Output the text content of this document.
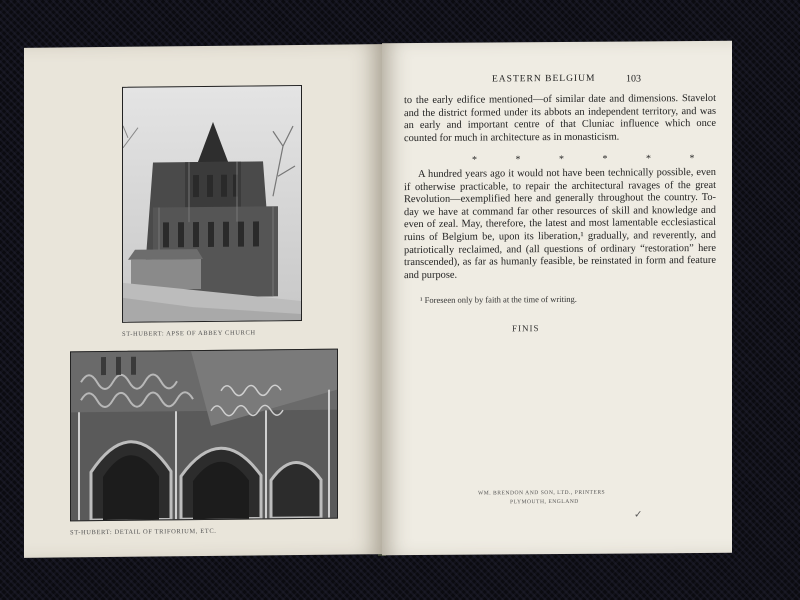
ST-HUBERT: APSE OF ABBEY CHURCH
ST-HUBERT: DETAIL OF TRIFORIUM, ETC.
EASTERN BELGIUM	103

to the early edifice mentioned—of similar date and dimensions. Stavelot and the district formed under its abbots an independent territory, and was an early and important centre of that Cluniac influence which once counted for much in architecture as in monasticism.

* * * * * *

A hundred years ago it would not have been technically possible, even if otherwise practicable, to repair the architectural ravages of the great Revolution—exemplified here and generally throughout the country. To-day we have at command far other resources of skill and knowledge and even of zeal. May, therefore, the latest and most lamentable ecclesiastical ruins of Belgium be, upon its liberation,¹ gradually, and reverently, and patriotically reclaimed, and (all questions of ordinary “restoration” here transcended), as far as humanly feasible, be reinstated in form and feature and purpose.

¹ Foreseen only by faith at the time of writing.
FINIS
WM. BRENDON AND SON, LTD., PRINTERS
PLYMOUTH, ENGLAND
✓
